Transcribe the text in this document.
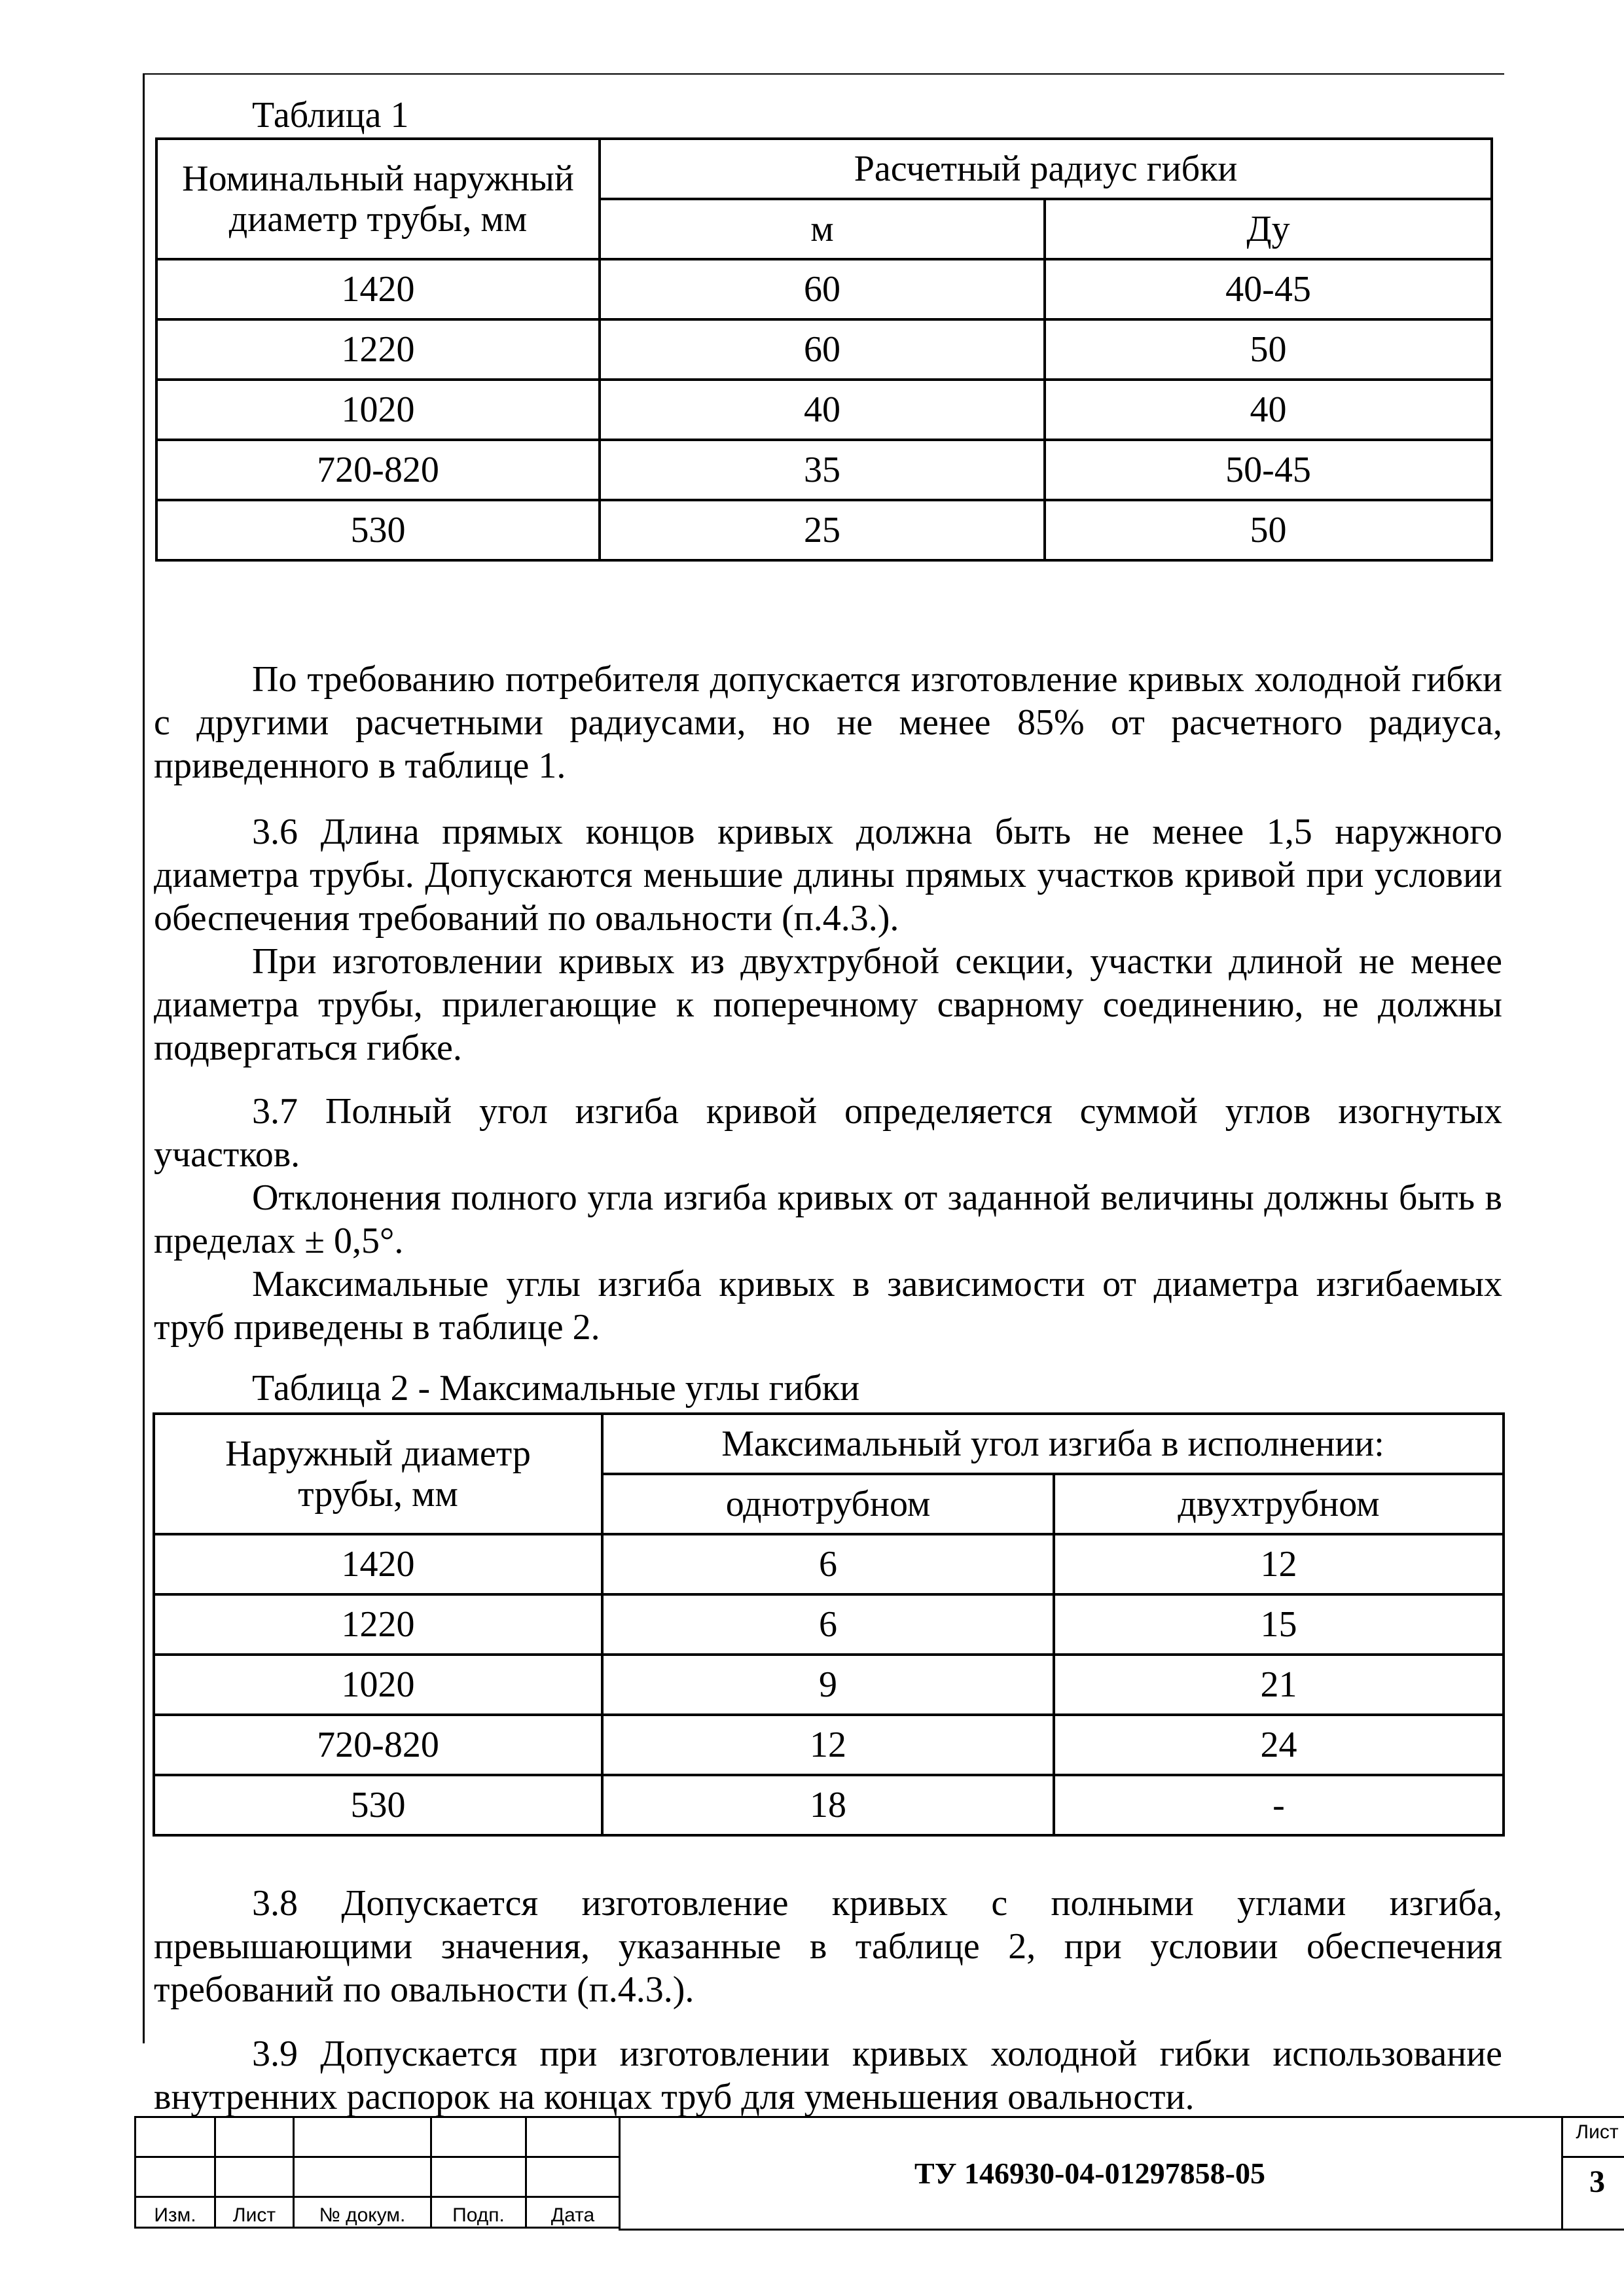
Таблица 1
Номинальный наружный диаметр трубы, мм	Расчетный радиус гибки	
	м	Ду
1420	60	40-45
1220	60	50
1020	40	40
720-820	35	50-45
530	25	50

По требованию потребителя допускается изготовление кривых холодной гибки с другими расчетными радиусами, но не менее 85% от расчетного радиуса, приведенного в таблице 1.

3.6 Длина прямых концов кривых должна быть не менее 1,5 наружного диаметра трубы. Допускаются меньшие длины прямых участков кривой при условии обеспечения требований по овальности (п.4.3.).

При изготовлении кривых из двухтрубной секции, участки длиной не менее диаметра трубы, прилегающие к поперечному сварному соединению, не должны подвергаться гибке.

3.7 Полный угол изгиба кривой определяется суммой углов изогнутых участков.

Отклонения полного угла изгиба кривых от заданной величины должны быть в пределах ± 0,5°.

Максимальные углы изгиба кривых в зависимости от диаметра изгибаемых труб приведены в таблице 2.

Таблица 2 - Максимальные углы гибки
Наружный диаметр трубы, мм	Максимальный угол изгиба в исполнении:	
	однотрубном	двухтрубном
1420	6	12
1220	6	15
1020	9	21
720-820	12	24
530	18	-

3.8 Допускается изготовление кривых с полными углами изгиба, превышающими значения, указанные в таблице 2, при условии обеспечения требований по овальности (п.4.3.).

3.9 Допускается при изготовлении кривых холодной гибки использование внутренних распорок на концах труб для уменьшения овальности.

Изм.	Лист	№ докум.	Подп.	Дата
ТУ 146930-04-01297858-05
Лист
3
